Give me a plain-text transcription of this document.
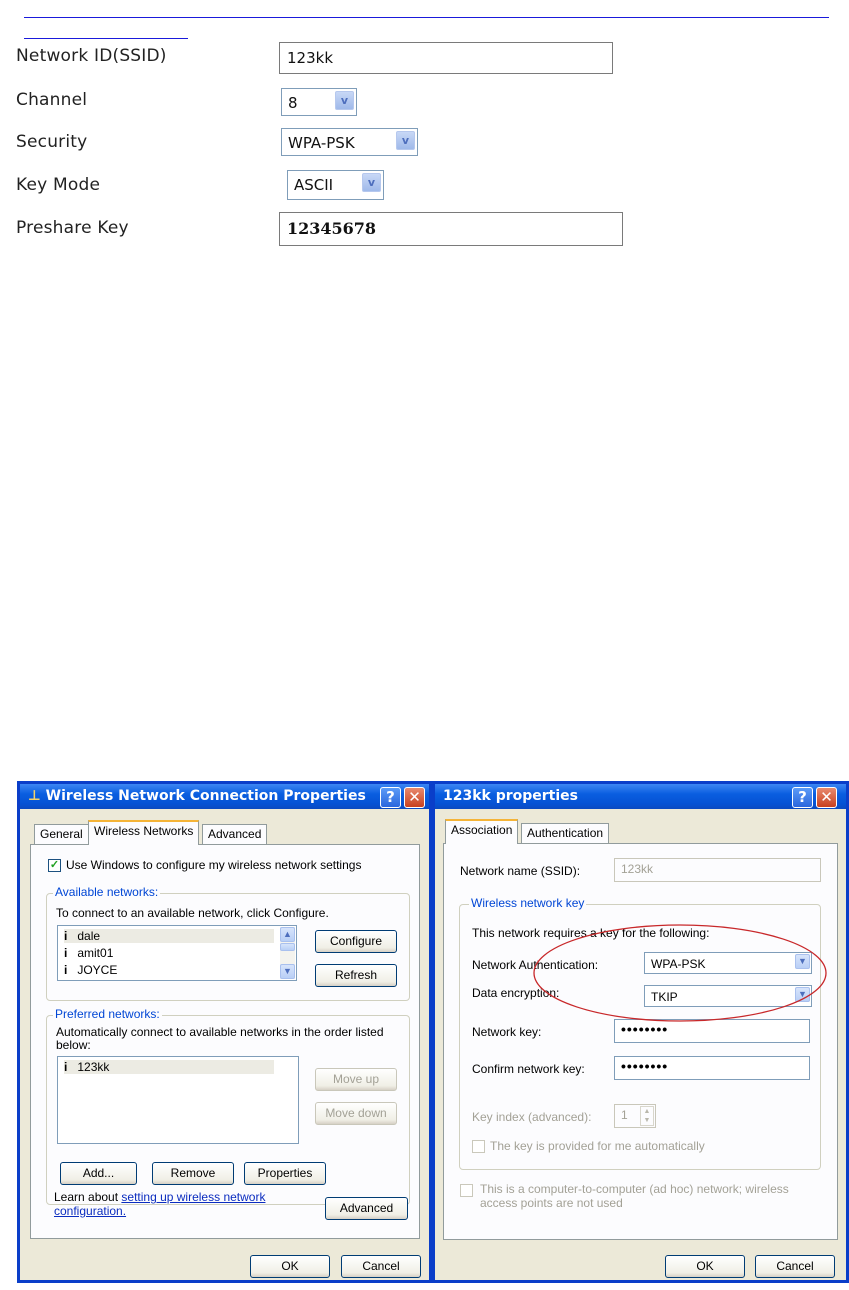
Network ID(SSID)	123kk
Channel	8	v
Security	WPA-PSK	v
Key Mode	ASCII	v
Preshare Key	12345678
⊥ Wireless Network Connection Properties	? ✕
General Wireless Networks	Advanced
✓ Use Windows to configure my wireless network settings
Available networks:
To connect to an available network, click Configure.
i dale
i amit01
i JOYCE
▲
▼
Configure
Refresh
Preferred networks:
Automatically connect to available networks in the order listed below:
i 123kk
Move up
Move down
Add...	Remove	Properties
Learn about setting up wireless network configuration.	Advanced
OK	Cancel
123kk properties	? ✕
Association	Authentication
Network name (SSID):	123kk
Wireless network key
This network requires a key for the following:
Network Authentication:	WPA-PSK	▼
Data encryption:	TKIP	▼
Network key:	••••••••
Confirm network key:	••••••••
Key index (advanced):	1	▲
▼
The key is provided for me automatically
This is a computer-to-computer (ad hoc) network; wireless access points are not used
OK	Cancel
